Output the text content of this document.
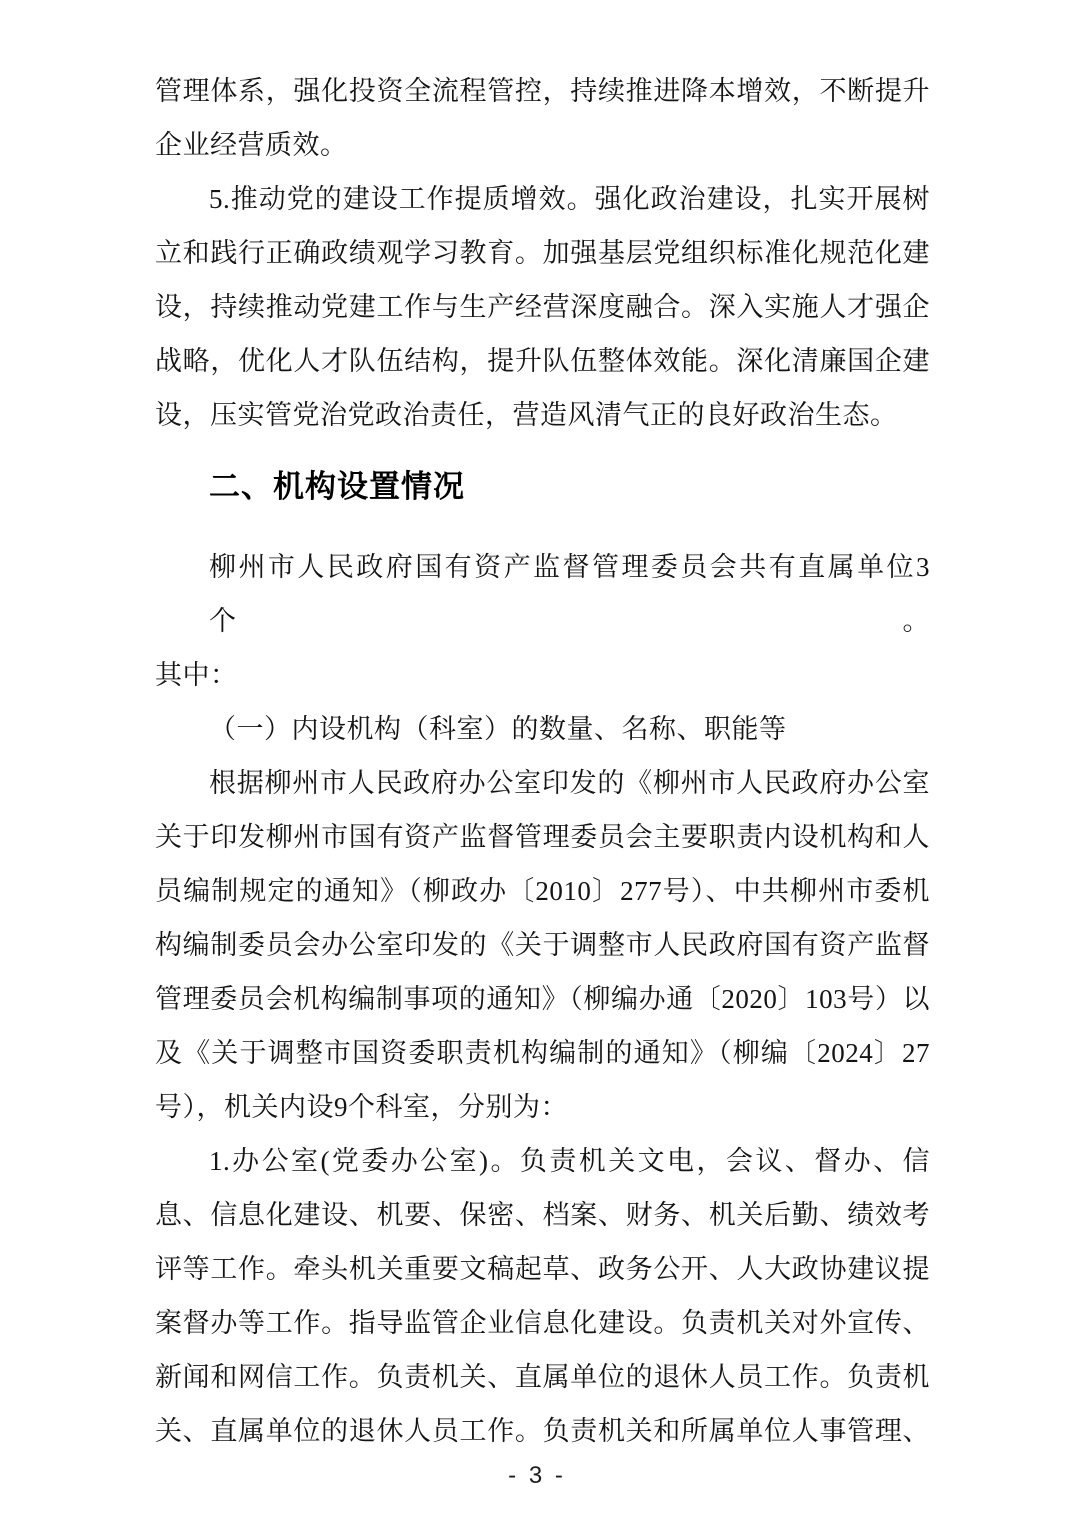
管理体系，强化投资全流程管控，持续推进降本增效，不断提升

企业经营质效。

5.推动党的建设工作提质增效。强化政治建设，扎实开展树

立和践行正确政绩观学习教育。加强基层党组织标准化规范化建

设，持续推动党建工作与生产经营深度融合。深入实施人才强企

战略，优化人才队伍结构，提升队伍整体效能。深化清廉国企建

设，压实管党治党政治责任，营造风清气正的良好政治生态。

二、机构设置情况

柳州市人民政府国有资产监督管理委员会共有直属单位3个。

其中：

（一）内设机构（科室）的数量、名称、职能等

根据柳州市人民政府办公室印发的《柳州市人民政府办公室

关于印发柳州市国有资产监督管理委员会主要职责内设机构和人

员编制规定的通知》（柳政办〔2010〕277号）、中共柳州市委机

构编制委员会办公室印发的《关于调整市人民政府国有资产监督

管理委员会机构编制事项的通知》（柳编办通〔2020〕103号）以

及《关于调整市国资委职责机构编制的通知》（柳编〔2024〕27

号），机关内设9个科室，分别为：

1.办公室(党委办公室)。负责机关文电，会议、督办、信

息、信息化建设、机要、保密、档案、财务、机关后勤、绩效考

评等工作。牵头机关重要文稿起草、政务公开、人大政协建议提

案督办等工作。指导监管企业信息化建设。负责机关对外宣传、

新闻和网信工作。负责机关、直属单位的退休人员工作。负责机

关、直属单位的退休人员工作。负责机关和所属单位人事管理、

- 3 -
